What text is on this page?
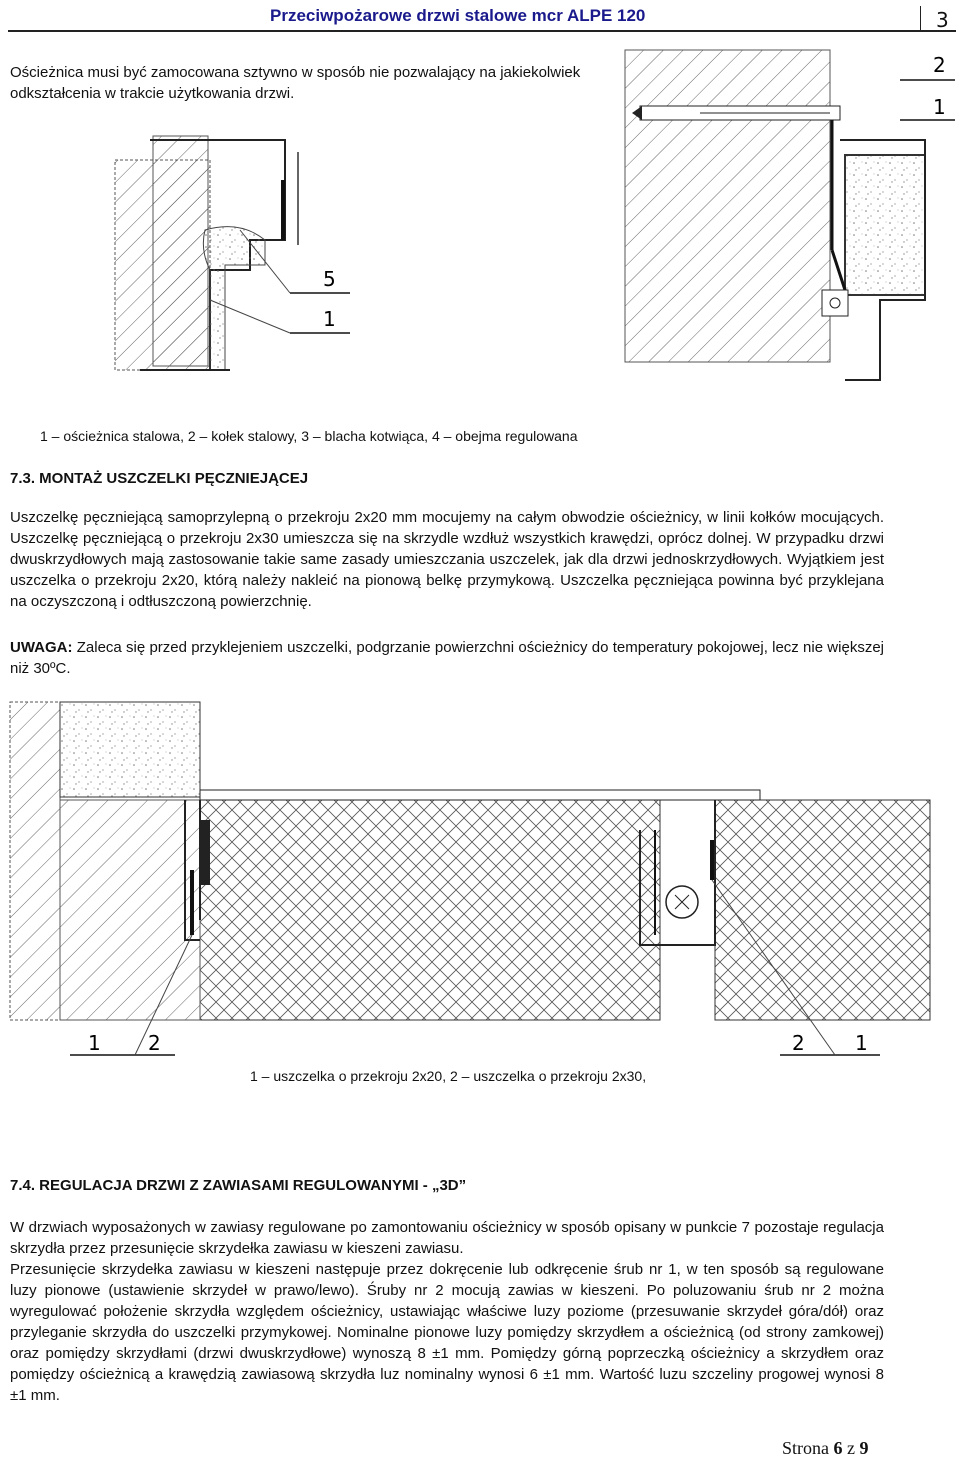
Przeciwpożarowe drzwi stalowe mcr ALPE 120	3
Ościeżnica musi być zamocowana sztywno w sposób nie pozwalający na jakiekolwiek odkształcenia w trakcie użytkowania drzwi.
5
1
2
1
1 – ościeżnica stalowa, 2 – kołek stalowy, 3 – blacha kotwiąca, 4 – obejma regulowana
7.3. MONTAŻ USZCZELKI PĘCZNIEJĄCEJ
Uszczelkę pęczniejącą samoprzylepną o przekroju 2x20 mm mocujemy na całym obwodzie ościeżnicy, w linii kołków mocujących. Uszczelkę pęczniejącą o przekroju 2x30 umieszcza się na skrzydle wzdłuż wszystkich krawędzi, oprócz dolnej. W przypadku drzwi dwuskrzydłowych mają zastosowanie takie same zasady umieszczania uszczelek, jak dla drzwi jednoskrzydłowych. Wyjątkiem jest uszczelka o przekroju 2x20, którą należy nakleić na pionową belkę przymykową. Uszczelka pęczniejąca powinna być przyklejana na oczyszczoną i odtłuszczoną powierzchnię.
UWAGA: Zaleca się przed przyklejeniem uszczelki, podgrzanie powierzchni ościeżnicy do temperatury pokojowej, lecz nie większej niż 30ºC.
1 2	2	1
1 – uszczelka o przekroju 2x20, 2 – uszczelka o przekroju 2x30,
7.4. REGULACJA DRZWI Z ZAWIASAMI REGULOWANYMI - „3D”
W drzwiach wyposażonych w zawiasy regulowane po zamontowaniu ościeżnicy w sposób opisany w punkcie 7 pozostaje regulacja skrzydła przez przesunięcie skrzydełka zawiasu w kieszeni zawiasu.
Przesunięcie skrzydełka zawiasu w kieszeni następuje przez dokręcenie lub odkręcenie śrub nr 1, w ten sposób są regulowane luzy pionowe (ustawienie skrzydeł w prawo/lewo). Śruby nr 2 mocują zawias w kieszeni. Po poluzowaniu śrub nr 2 można wyregulować położenie skrzydła względem ościeżnicy, ustawiając właściwe luzy poziome (przesuwanie skrzydeł góra/dół) oraz przyleganie skrzydła do uszczelki przymykowej. Nominalne pionowe luzy pomiędzy skrzydłem a ościeżnicą (od strony zamkowej) oraz pomiędzy skrzydłami (drzwi dwuskrzydłowe) wynoszą 8 ±1 mm. Pomiędzy górną poprzeczką ościeżnicy a skrzydłem oraz pomiędzy ościeżnicą a krawędzią zawiasową skrzydła luz nominalny wynosi 6 ±1 mm. Wartość luzu szczeliny progowej wynosi 8 ±1 mm.
Strona 6 z 9
